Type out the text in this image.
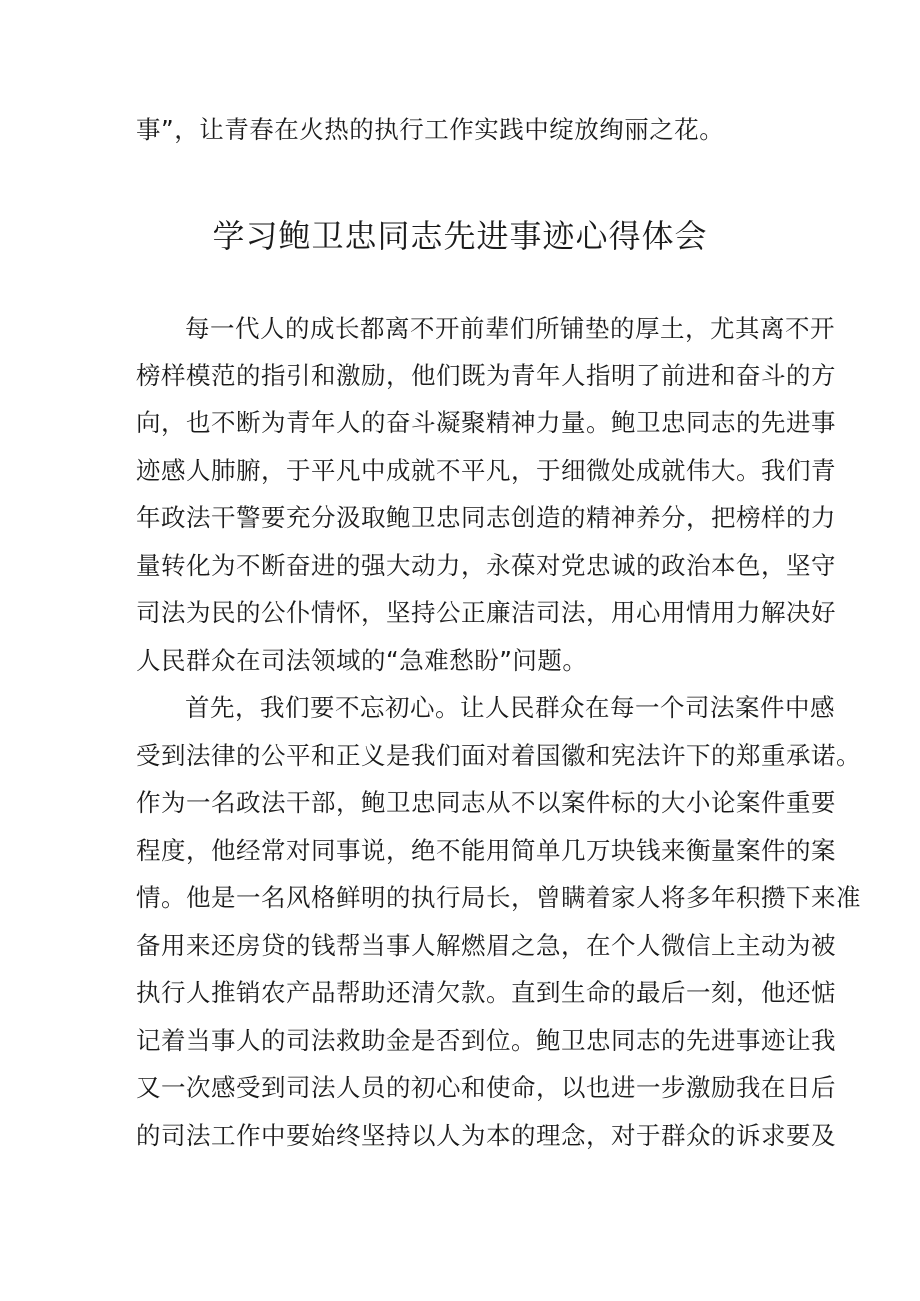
事”，让青春在火热的执行工作实践中绽放绚丽之花。
学习鲍卫忠同志先进事迹心得体会
每一代人的成长都离不开前辈们所铺垫的厚土，尤其离不开
榜样模范的指引和激励，他们既为青年人指明了前进和奋斗的方
向，也不断为青年人的奋斗凝聚精神力量。鲍卫忠同志的先进事
迹感人肺腑，于平凡中成就不平凡，于细微处成就伟大。我们青
年政法干警要充分汲取鲍卫忠同志创造的精神养分，把榜样的力
量转化为不断奋进的强大动力，永葆对党忠诚的政治本色，坚守
司法为民的公仆情怀，坚持公正廉洁司法，用心用情用力解决好
人民群众在司法领域的“急难愁盼”问题。
首先，我们要不忘初心。让人民群众在每一个司法案件中感
受到法律的公平和正义是我们面对着国徽和宪法许下的郑重承诺。
作为一名政法干部，鲍卫忠同志从不以案件标的大小论案件重要
程度，他经常对同事说，绝不能用简单几万块钱来衡量案件的案
情。他是一名风格鲜明的执行局长，曾瞒着家人将多年积攒下来准
备用来还房贷的钱帮当事人解燃眉之急，在个人微信上主动为被
执行人推销农产品帮助还清欠款。直到生命的最后一刻，他还惦
记着当事人的司法救助金是否到位。鲍卫忠同志的先进事迹让我
又一次感受到司法人员的初心和使命，以也进一步激励我在日后
的司法工作中要始终坚持以人为本的理念，对于群众的诉求要及
